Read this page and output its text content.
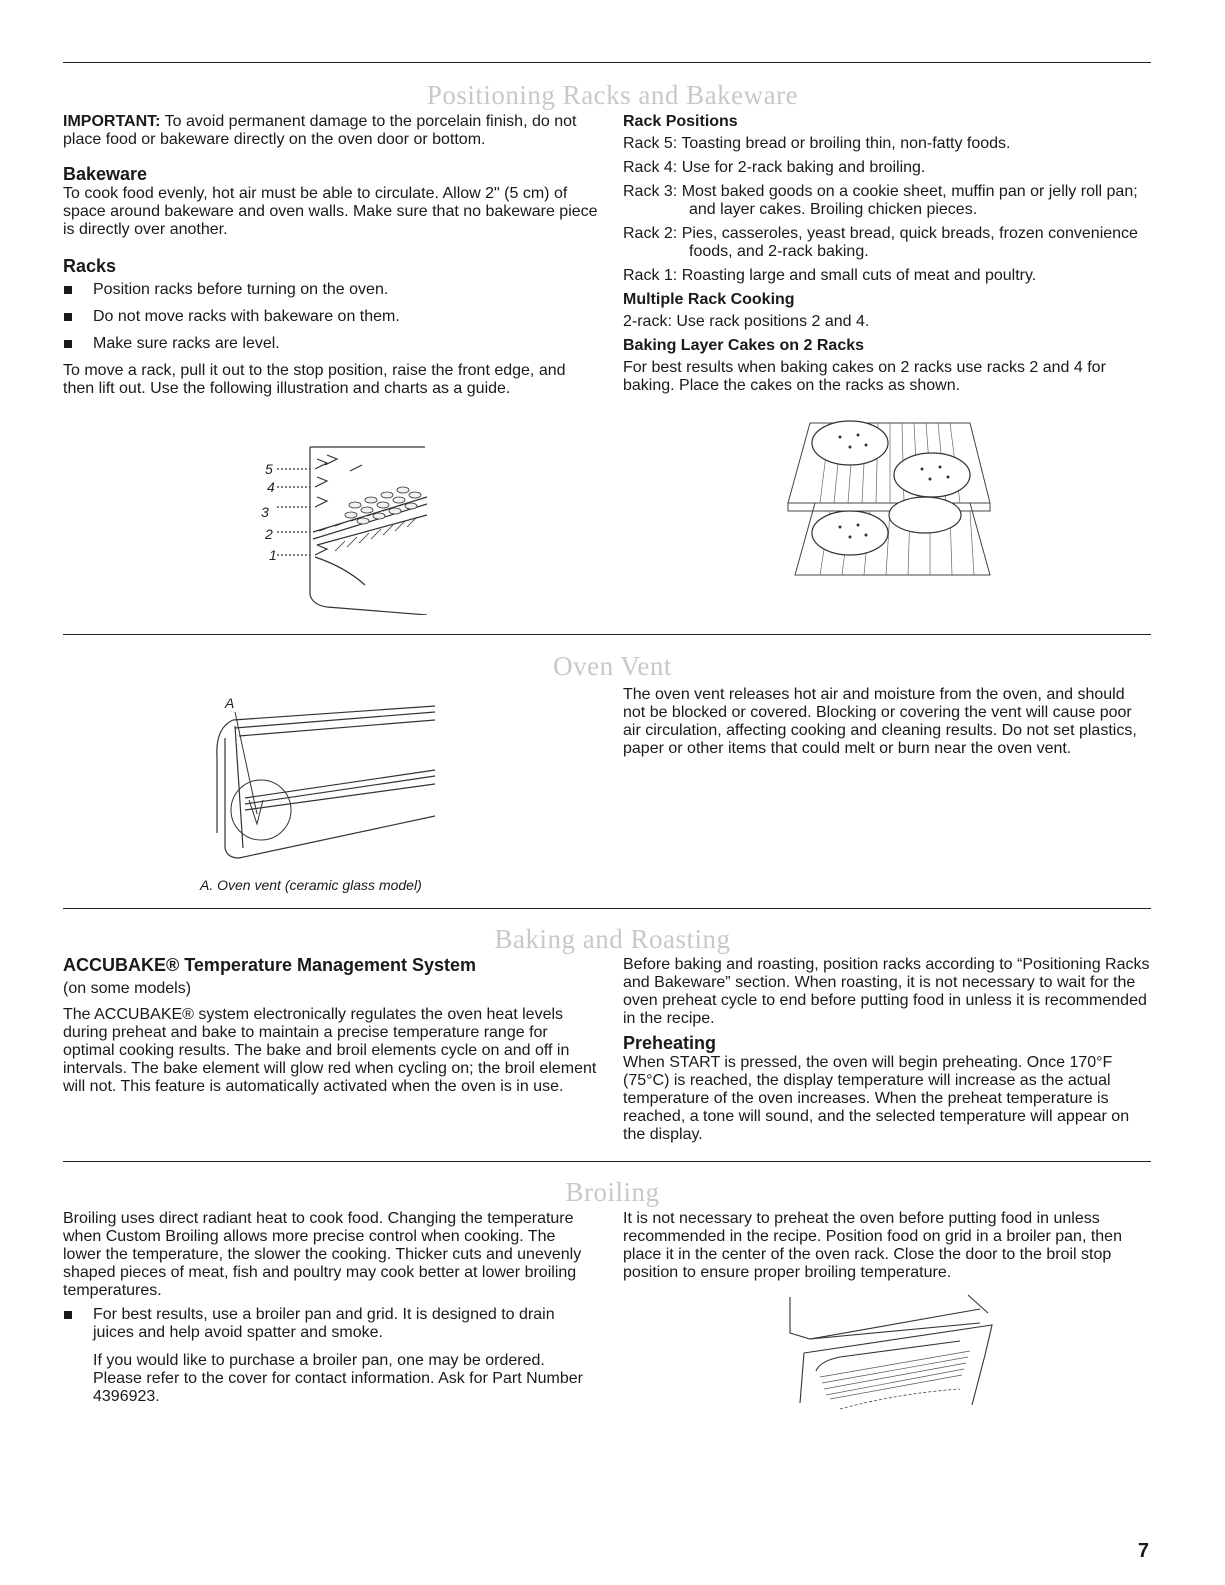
Positioning Racks and Bakeware

IMPORTANT: To avoid permanent damage to the porcelain finish, do not place food or bakeware directly on the oven door or bottom.

Bakeware

To cook food evenly, hot air must be able to circulate. Allow 2" (5 cm) of space around bakeware and oven walls. Make sure that no bakeware piece is directly over another.

Racks
Position racks before turning on the oven.
Do not move racks with bakeware on them.
Make sure racks are level.

To move a rack, pull it out to the stop position, raise the front edge, and then lift out. Use the following illustration and charts as a guide.

5
4
3
2
1
Rack Positions

Rack 5: Toasting bread or broiling thin, non-fatty foods.

Rack 4: Use for 2-rack baking and broiling.

Rack 3: Most baked goods on a cookie sheet, muffin pan or jelly roll pan; and layer cakes. Broiling chicken pieces.

Rack 2: Pies, casseroles, yeast bread, quick breads, frozen convenience foods, and 2-rack baking.

Rack 1: Roasting large and small cuts of meat and poultry.

Multiple Rack Cooking

2-rack: Use rack positions 2 and 4.

Baking Layer Cakes on 2 Racks

For best results when baking cakes on 2 racks use racks 2 and 4 for baking. Place the cakes on the racks as shown.

Oven Vent
A
A. Oven vent (ceramic glass model)
The oven vent releases hot air and moisture from the oven, and should not be blocked or covered. Blocking or covering the vent will cause poor air circulation, affecting cooking and cleaning results. Do not set plastics, paper or other items that could melt or burn near the oven vent.
Baking and Roasting
ACCUBAKE® Temperature Management System

(on some models)

The ACCUBAKE® system electronically regulates the oven heat levels during preheat and bake to maintain a precise temperature range for optimal cooking results. The bake and broil elements cycle on and off in intervals. The bake element will glow red when cycling on; the broil element will not. This feature is automatically activated when the oven is in use.

Before baking and roasting, position racks according to “Positioning Racks and Bakeware” section. When roasting, it is not necessary to wait for the oven preheat cycle to end before putting food in unless it is recommended in the recipe.

Preheating

When START is pressed, the oven will begin preheating. Once 170°F (75°C) is reached, the display temperature will increase as the actual temperature of the oven increases. When the preheat temperature is reached, a tone will sound, and the selected temperature will appear on the display.

Broiling

Broiling uses direct radiant heat to cook food. Changing the temperature when Custom Broiling allows more precise control when cooking. The lower the temperature, the slower the cooking. Thicker cuts and unevenly shaped pieces of meat, fish and poultry may cook better at lower broiling temperatures.

For best results, use a broiler pan and grid. It is designed to drain juices and help avoid spatter and smoke.

If you would like to purchase a broiler pan, one may be ordered. Please refer to the cover for contact information. Ask for Part Number 4396923.

It is not necessary to preheat the oven before putting food in unless recommended in the recipe. Position food on grid in a broiler pan, then place it in the center of the oven rack. Close the door to the broil stop position to ensure proper broiling temperature.
7
